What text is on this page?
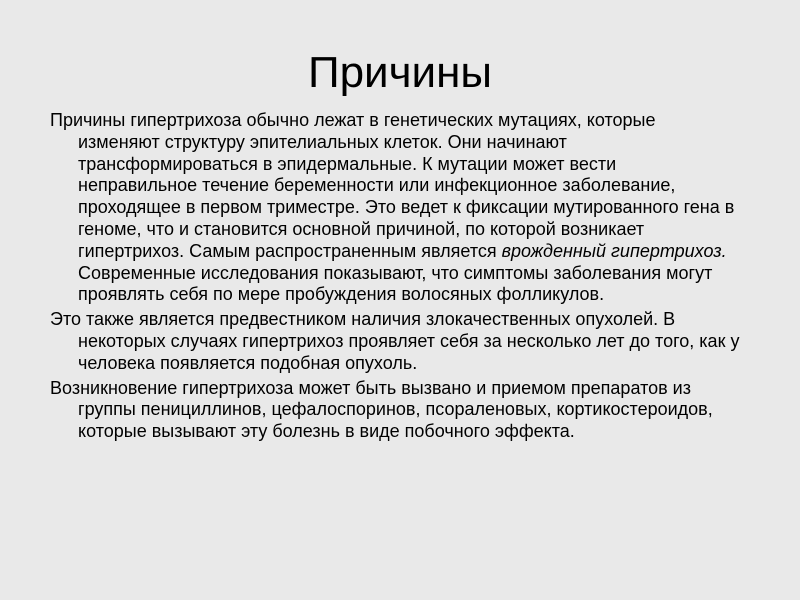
Причины

Причины гипертрихоза обычно лежат в генетических мутациях, которые изменяют структуру эпителиальных клеток. Они начинают трансформироваться в эпидермальные. К мутации может вести неправильное течение беременности или инфекционное заболевание, проходящее в первом триместре. Это ведет к фиксации мутированного гена в геноме, что и становится основной причиной, по которой возникает гипертрихоз. Самым распространенным является врожденный гипертрихоз.   Современные исследования показывают, что симптомы заболевания могут проявлять себя по мере пробуждения волосяных фолликулов.

Это также является предвестником наличия злокачественных опухолей. В некоторых случаях гипертрихоз проявляет себя за несколько лет до того, как у человека появляется подобная опухоль.

Возникновение гипертрихоза может быть вызвано и приемом препаратов из группы пенициллинов, цефалоспоринов, псораленовых, кортикостероидов, которые вызывают эту болезнь в виде побочного эффекта.
